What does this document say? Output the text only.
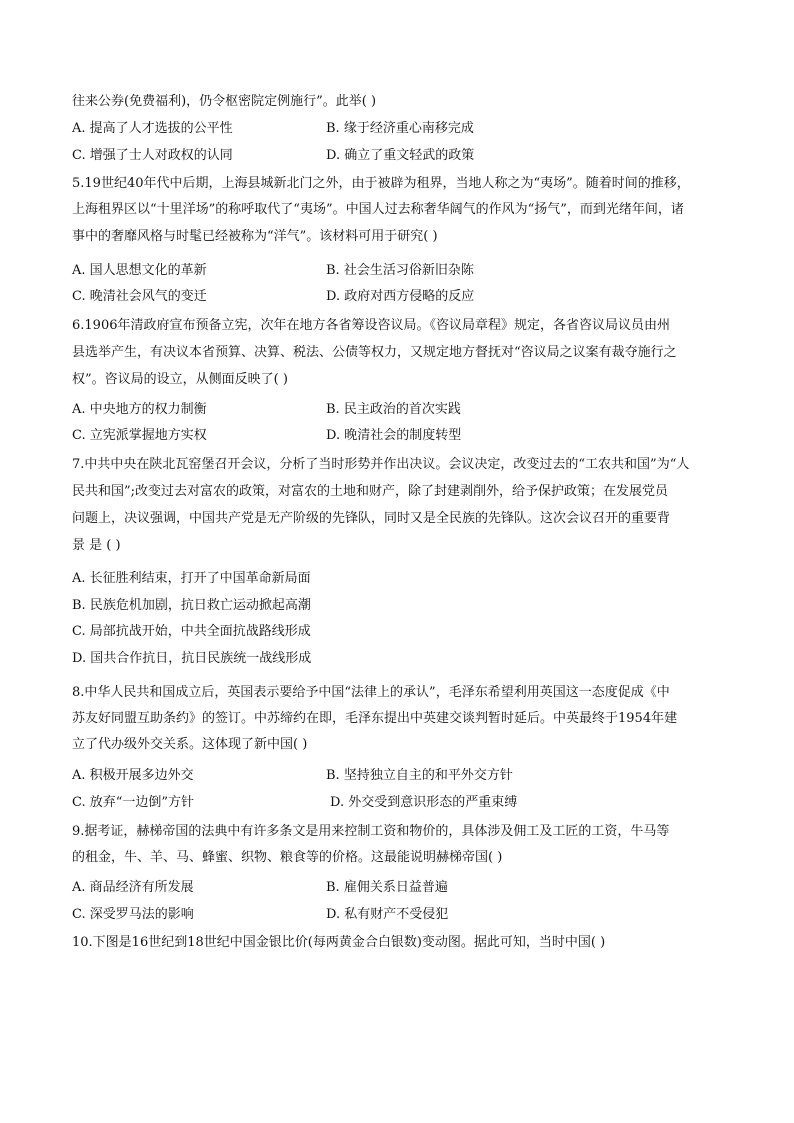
往来公券(免费福利)，仍令枢密院定例施行”。此举( )
A. 提高了人才选拔的公平性	B. 缘于经济重心南移完成
C. 增强了士人对政权的认同	D. 确立了重文轻武的政策
5.19世纪40年代中后期，上海县城新北门之外，由于被辟为租界，当地人称之为“夷场”。随着时间的推移，
上海租界区以“十里洋场”的称呼取代了“夷场”。中国人过去称奢华阔气的作风为“扬气”，而到光绪年间，诸
事中的奢靡风格与时髦已经被称为“洋气”。该材料可用于研究( )
A. 国人思想文化的革新	B. 社会生活习俗新旧杂陈
C. 晚清社会风气的变迁	D. 政府对西方侵略的反应
6.1906年清政府宣布预备立宪，次年在地方各省筹设咨议局。《咨议局章程》规定，各省咨议局议员由州
县选举产生，有决议本省预算、决算、税法、公债等权力，又规定地方督抚对“咨议局之议案有裁夺施行之
权”。咨议局的设立，从侧面反映了( )
A. 中央地方的权力制衡	B. 民主政治的首次实践
C. 立宪派掌握地方实权	D. 晚清社会的制度转型
7.中共中央在陕北瓦窑堡召开会议，分析了当时形势并作出决议。会议决定，改变过去的“工农共和国”为“人
民共和国”;改变过去对富农的政策，对富农的土地和财产，除了封建剥削外，给予保护政策；在发展党员
问题上，决议强调，中国共产党是无产阶级的先锋队，同时又是全民族的先锋队。这次会议召开的重要背
景 是 ( )
A. 长征胜利结束，打开了中国革命新局面
B. 民族危机加剧，抗日救亡运动掀起高潮
C. 局部抗战开始，中共全面抗战路线形成
D. 国共合作抗日，抗日民族统一战线形成
8.中华人民共和国成立后，英国表示要给予中国“法律上的承认”，毛泽东希望利用英国这一态度促成《中
苏友好同盟互助条约》的签订。中苏缔约在即，毛泽东提出中英建交谈判暂时延后。中英最终于1954年建
立了代办级外交关系。这体现了新中国( )
A. 积极开展多边外交	B. 坚持独立自主的和平外交方针
C. 放弃“一边倒”方针	D. 外交受到意识形态的严重束缚
9.据考证，赫梯帝国的法典中有许多条文是用来控制工资和物价的，具体涉及佣工及工匠的工资，牛马等
的租金，牛、羊、马、蜂蜜、织物、粮食等的价格。这最能说明赫梯帝国( )
A. 商品经济有所发展	B. 雇佣关系日益普遍
C. 深受罗马法的影响	D. 私有财产不受侵犯
10.下图是16世纪到18世纪中国金银比价(每两黄金合白银数)变动图。据此可知，当时中国( )
